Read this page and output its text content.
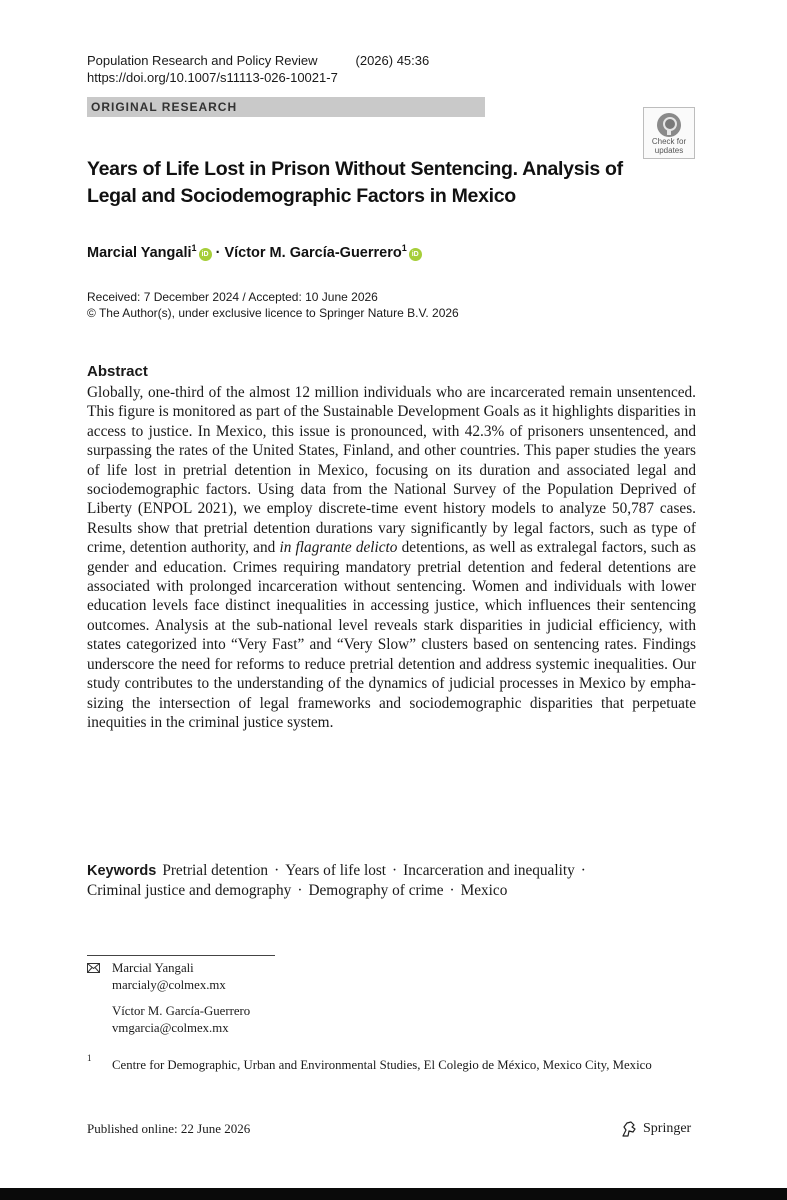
Population Research and Policy Review	(2026) 45:36
https://doi.org/10.1007/s11113-026-10021-7
ORIGINAL RESEARCH
Check for
updates
Years of Life Lost in Prison Without Sentencing. Analysis of Legal and Sociodemographic Factors in Mexico
Marcial Yangali$^1$iD · Víctor M. García-Guerrero$^1$iD
Received: 7 December 2024 / Accepted: 10 June 2026
© The Author(s), under exclusive licence to Springer Nature B.V. 2026
Abstract
Globally, one-third of the almost 12 million individuals who are incarcerated remain unsentenced. This figure is monitored as part of the Sustainable Development Goals as it highlights disparities in access to justice. In Mexico, this issue is pronounced, with 42.3% of prisoners unsentenced, and surpassing the rates of the United States, Finland, and other countries. This paper studies the years of life lost in pretrial detention in Mexico, focusing on its duration and associated legal and sociodemographic factors. Using data from the National Survey of the Population Deprived of Liberty (ENPOL 2021), we employ discrete-time event history models to analyze 50,787 cases. Results show that pretrial detention durations vary significantly by legal factors, such as type of crime, detention authority, and in flagrante delicto detentions, as well as extralegal factors, such as gender and education. Crimes requiring mandatory pretrial detention and federal detentions are associated with prolonged incarceration without sentencing. Women and individuals with lower education levels face distinct inequalities in accessing justice, which influences their sentencing outcomes. Analysis at the sub-national level reveals stark disparities in judicial efficiency, with states categorized into “Very Fast” and “Very Slow” clusters based on sentencing rates. Findings underscore the need for reforms to reduce pretrial detention and address systemic inequalities. Our study contributes to the understanding of the dynamics of judicial processes in Mexico by emphasizing the intersection of legal frameworks and sociodemographic disparities that perpetuate inequities in the criminal justice system.
Keywords Pretrial detention · Years of life lost · Incarceration and inequality ·
Criminal justice and demography · Demography of crime · Mexico
Marcial Yangali
marcialy@colmex.mx
Víctor M. García-Guerrero
vmgarcia@colmex.mx
1 Centre for Demographic, Urban and Environmental Studies, El Colegio de México, Mexico City, Mexico
Published online: 22 June 2026	Springer
